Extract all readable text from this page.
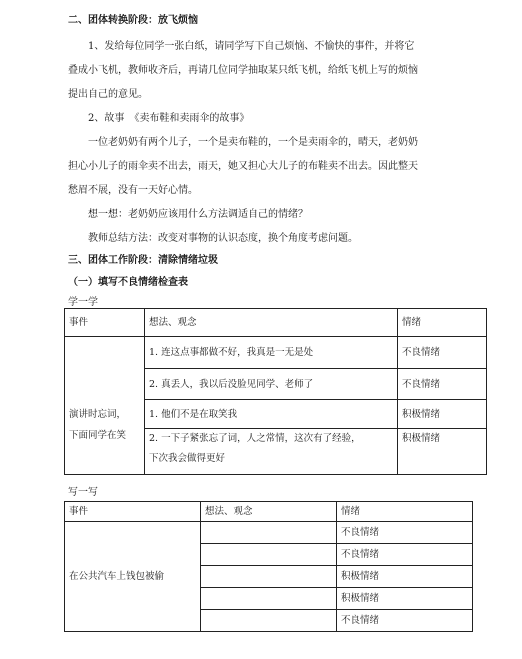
二、团体转换阶段：放飞烦恼
1、发给每位同学一张白纸，请同学写下自己烦恼、不愉快的事件，并将它
叠成小飞机，教师收齐后，再请几位同学抽取某只纸飞机，给纸飞机上写的烦恼
提出自己的意见。
2、故事　《卖布鞋和卖雨伞的故事》
一位老奶奶有两个儿子，一个是卖布鞋的，一个是卖雨伞的，晴天，老奶奶
担心小儿子的雨伞卖不出去，雨天，她又担心大儿子的布鞋卖不出去。因此整天
愁眉不展，没有一天好心情。
想一想：老奶奶应该用什么方法调适自己的情绪？
教师总结方法：改变对事物的认识态度，换个角度考虑问题。
三、团体工作阶段：清除情绪垃圾
（一）填写不良情绪检查表
学一学
事件	想法、观念	情绪

演讲时忘词，
下面同学在笑	1. 连这点事都做不好，我真是一无是处	不良情绪
	2. 真丢人，我以后没脸见同学、老师了	不良情绪
	1. 他们不是在取笑我	积极情绪

	2. 一下子紧张忘了词，人之常情，这次有了经验，
下次我会做得更好	积极情绪
写一写
事件	想法、观念	情绪
在公共汽车上钱包被偷		不良情绪
		不良情绪
		积极情绪
		积极情绪
		不良情绪
